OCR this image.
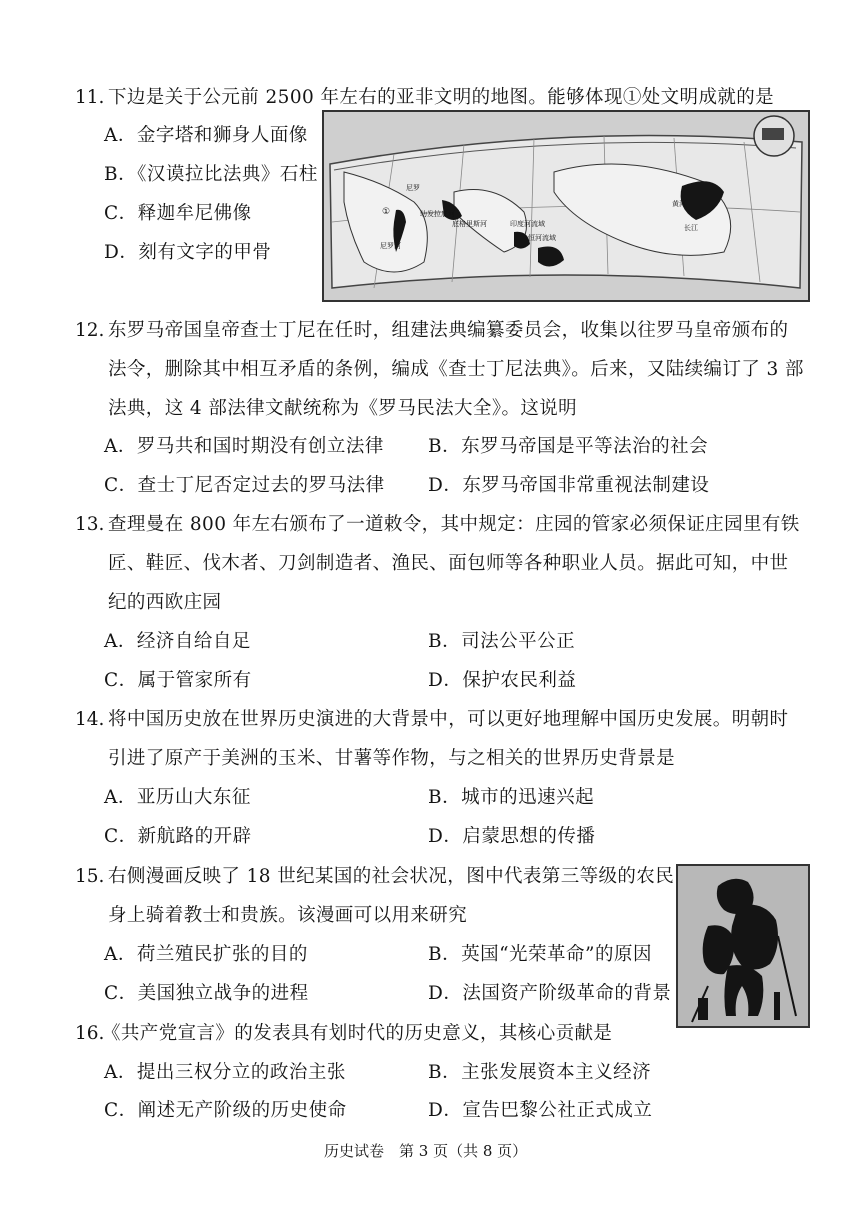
11. 下边是关于公元前 2500 年左右的亚非文明的地图。能够体现①处文明成就的是
A．金字塔和狮身人面像
B．《汉谟拉比法典》石柱
C．释迦牟尼佛像
D．刻有文字的甲骨
①
尼罗河
尼罗
幼发拉底河
底格里斯河	印度河流域
恒河流域
黄河
长江
12. 东罗马帝国皇帝查士丁尼在任时，组建法典编纂委员会，收集以往罗马皇帝颁布的
法令，删除其中相互矛盾的条例，编成《查士丁尼法典》。后来，又陆续编订了 3 部
法典，这 4 部法律文献统称为《罗马民法大全》。这说明
A．罗马共和国时期没有创立法律 B．东罗马帝国是平等法治的社会
C．查士丁尼否定过去的罗马法律 D．东罗马帝国非常重视法制建设
13. 查理曼在 800 年左右颁布了一道敕令，其中规定：庄园的管家必须保证庄园里有铁
匠、鞋匠、伐木者、刀剑制造者、渔民、面包师等各种职业人员。据此可知，中世
纪的西欧庄园
A．经济自给自足	B．司法公平公正
C．属于管家所有	D．保护农民利益
14. 将中国历史放在世界历史演进的大背景中，可以更好地理解中国历史发展。明朝时
引进了原产于美洲的玉米、甘薯等作物，与之相关的世界历史背景是
A．亚历山大东征	B．城市的迅速兴起
C．新航路的开辟	D．启蒙思想的传播
15. 右侧漫画反映了 18 世纪某国的社会状况，图中代表第三等级的农民
身上骑着教士和贵族。该漫画可以用来研究
A．荷兰殖民扩张的目的	B．英国“光荣革命”的原因
C．美国独立战争的进程	D．法国资产阶级革命的背景
16.
《共产党宣言》的发表具有划时代的历史意义，其核心贡献是
A．提出三权分立的政治主张	B．主张发展资本主义经济
C．阐述无产阶级的历史使命	D．宣告巴黎公社正式成立
历史试卷　第 3 页（共 8 页）
